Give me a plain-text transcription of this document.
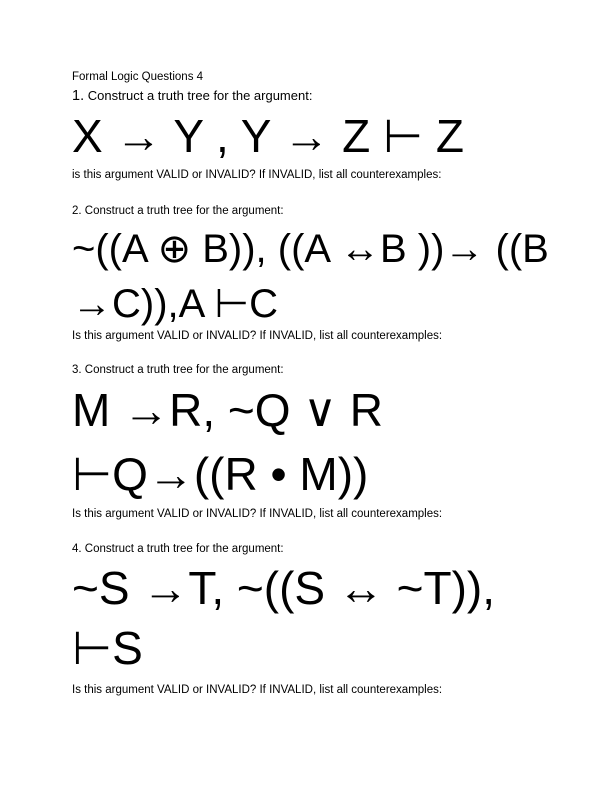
Formal Logic Questions 4
1. Construct a truth tree for the argument:
X → Y , Y → Z ⊢ Z
is this argument VALID or INVALID? If INVALID, list all counterexamples:
2. Construct a truth tree for the argument:
~((A ⊕ B)), ((A ↔B ))→ ((B
→C)),A ⊢C
Is this argument VALID or INVALID? If INVALID, list all counterexamples:
3. Construct a truth tree for the argument:
M →R, ~Q ∨ R
⊢Q→((R • M))
Is this argument VALID or INVALID? If INVALID, list all counterexamples:
4. Construct a truth tree for the argument:
~S →T, ~((S ↔ ~T)),
⊢S
Is this argument VALID or INVALID? If INVALID, list all counterexamples:
